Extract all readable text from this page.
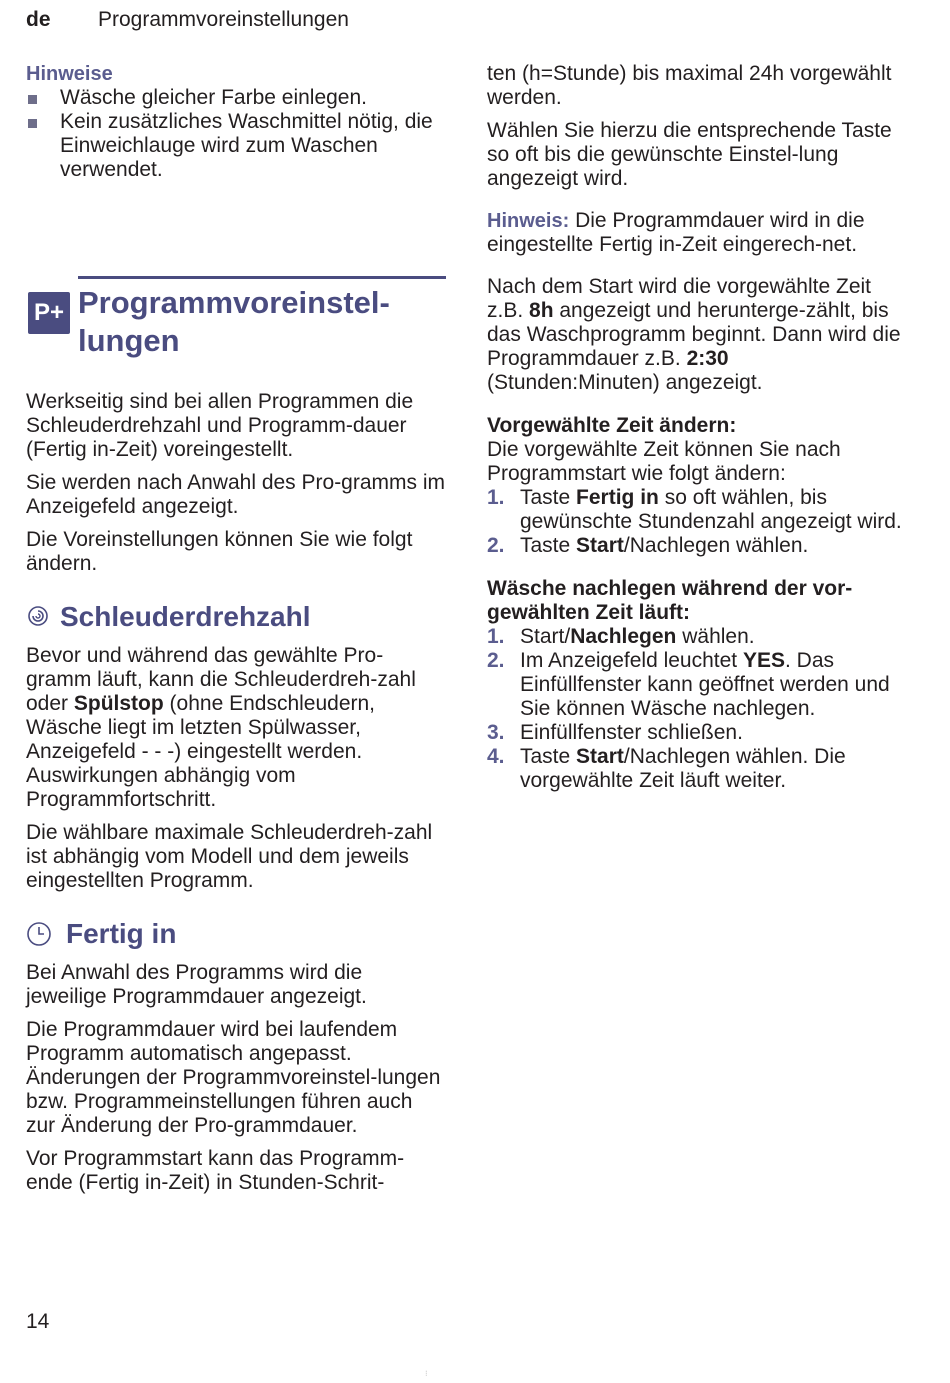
de Programmvoreinstellungen

Hinweise

Wäsche gleicher Farbe einlegen.
Kein zusätzliches Waschmittel nötig, die Einweichlauge wird zum Waschen verwendet.
P+ Programmvoreinstel-
lungen

Werkseitig sind bei allen Programmen die Schleuderdrehzahl und Programm-dauer (Fertig in-Zeit) voreingestellt.

Sie werden nach Anwahl des Pro-gramms im Anzeigefeld angezeigt.

Die Voreinstellungen können Sie wie folgt ändern.

Schleuderdrehzahl

Bevor und während das gewählte Pro-gramm läuft, kann die Schleuderdreh-zahl oder Spülstop (ohne Endschleudern, Wäsche liegt im letzten Spülwasser, Anzeigefeld - - -) eingestellt werden. Auswirkungen abhängig vom Programmfortschritt.

Die wählbare maximale Schleuderdreh-zahl ist abhängig vom Modell und dem jeweils eingestellten Programm.

Fertig in

Bei Anwahl des Programms wird die jeweilige Programmdauer angezeigt.

Die Programmdauer wird bei laufendem Programm automatisch angepasst. Änderungen der Programmvoreinstel-lungen bzw. Programmeinstellungen führen auch zur Änderung der Pro-grammdauer.

Vor Programmstart kann das Programm-ende (Fertig in-Zeit) in Stunden-Schrit-

ten (h=Stunde) bis maximal 24h vorgewählt werden.

Wählen Sie hierzu die entsprechende Taste so oft bis die gewünschte Einstel-lung angezeigt wird.

Hinweis: Die Programmdauer wird in die eingestellte Fertig in-Zeit eingerech-net.

Nach dem Start wird die vorgewählte Zeit z.B. 8h angezeigt und herunterge-zählt, bis das Waschprogramm beginnt. Dann wird die Programmdauer z.B. 2:30 (Stunden:Minuten) angezeigt.

Vorgewählte Zeit ändern:

Die vorgewählte Zeit können Sie nach Programmstart wie folgt ändern:

1. Taste Fertig in so oft wählen, bis gewünschte Stundenzahl angezeigt wird.
2. Taste Start/Nachlegen wählen.

Wäsche nachlegen während der vor-gewählten Zeit läuft:

1. Start/Nachlegen wählen.
2. Im Anzeigefeld leuchtet YES. Das Einfüllfenster kann geöffnet werden und Sie können Wäsche nachlegen.
3. Einfüllfenster schließen.
4. Taste Start/Nachlegen wählen. Die vorgewählte Zeit läuft weiter.
14
⁝
